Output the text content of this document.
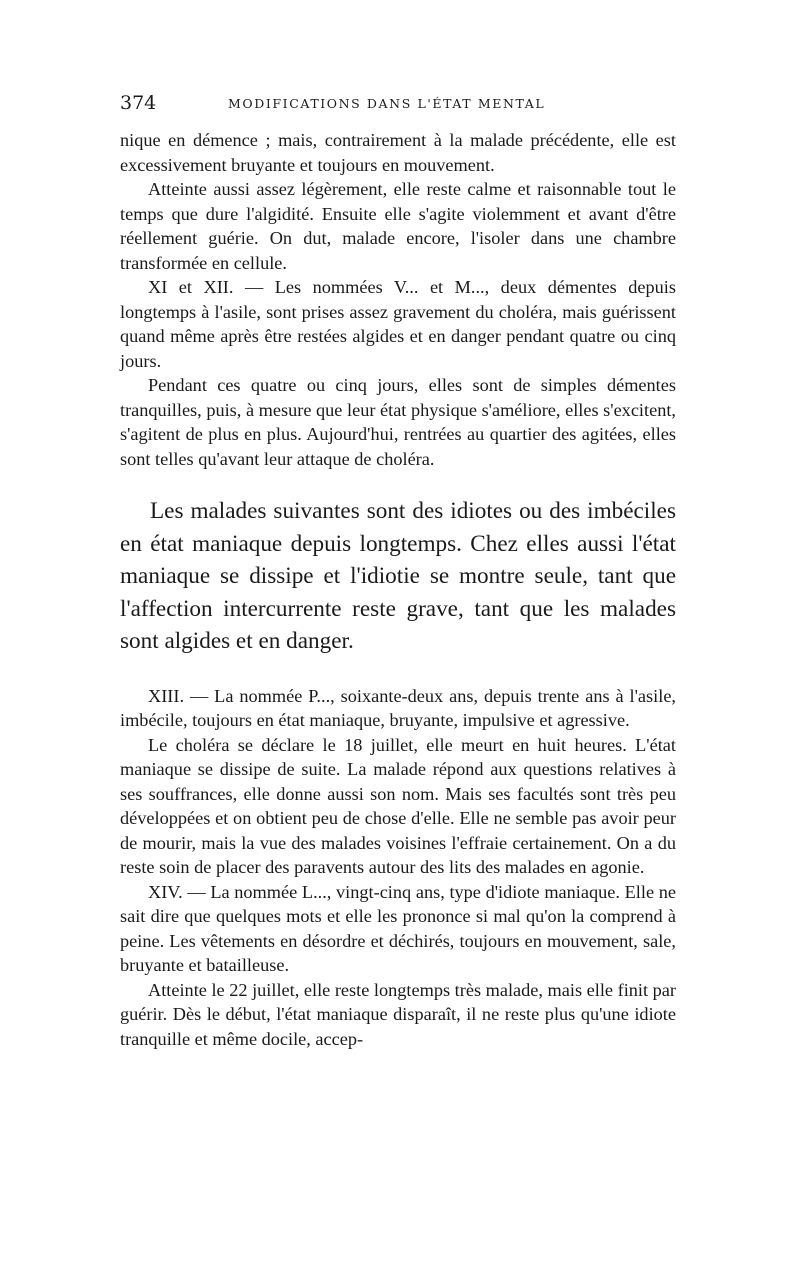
374	MODIFICATIONS DANS L'ÉTAT MENTAL

nique en démence ; mais, contrairement à la malade précédente, elle est excessivement bruyante et toujours en mouvement.

Atteinte aussi assez légèrement, elle reste calme et raisonnable tout le temps que dure l'algidité. Ensuite elle s'agite violemment et avant d'être réellement guérie. On dut, malade encore, l'isoler dans une chambre transformée en cellule.

XI et XII. — Les nommées V... et M..., deux démentes depuis longtemps à l'asile, sont prises assez gravement du choléra, mais guérissent quand même après être restées algides et en danger pendant quatre ou cinq jours.

Pendant ces quatre ou cinq jours, elles sont de simples démentes tranquilles, puis, à mesure que leur état physique s'améliore, elles s'excitent, s'agitent de plus en plus. Aujourd'hui, rentrées au quartier des agitées, elles sont telles qu'avant leur attaque de choléra.

Les malades suivantes sont des idiotes ou des imbéciles en état maniaque depuis longtemps. Chez elles aussi l'état maniaque se dissipe et l'idiotie se montre seule, tant que l'affection intercurrente reste grave, tant que les malades sont algides et en danger.

XIII. — La nommée P..., soixante-deux ans, depuis trente ans à l'asile, imbécile, toujours en état maniaque, bruyante, impulsive et agressive.

Le choléra se déclare le 18 juillet, elle meurt en huit heures. L'état maniaque se dissipe de suite. La malade répond aux questions relatives à ses souffrances, elle donne aussi son nom. Mais ses facultés sont très peu développées et on obtient peu de chose d'elle. Elle ne semble pas avoir peur de mourir, mais la vue des malades voisines l'effraie certainement. On a du reste soin de placer des paravents autour des lits des malades en agonie.

XIV. — La nommée L..., vingt-cinq ans, type d'idiote maniaque. Elle ne sait dire que quelques mots et elle les prononce si mal qu'on la comprend à peine. Les vêtements en désordre et déchirés, toujours en mouvement, sale, bruyante et batailleuse.

Atteinte le 22 juillet, elle reste longtemps très malade, mais elle finit par guérir. Dès le début, l'état maniaque disparaît, il ne reste plus qu'une idiote tranquille et même docile, accep-
